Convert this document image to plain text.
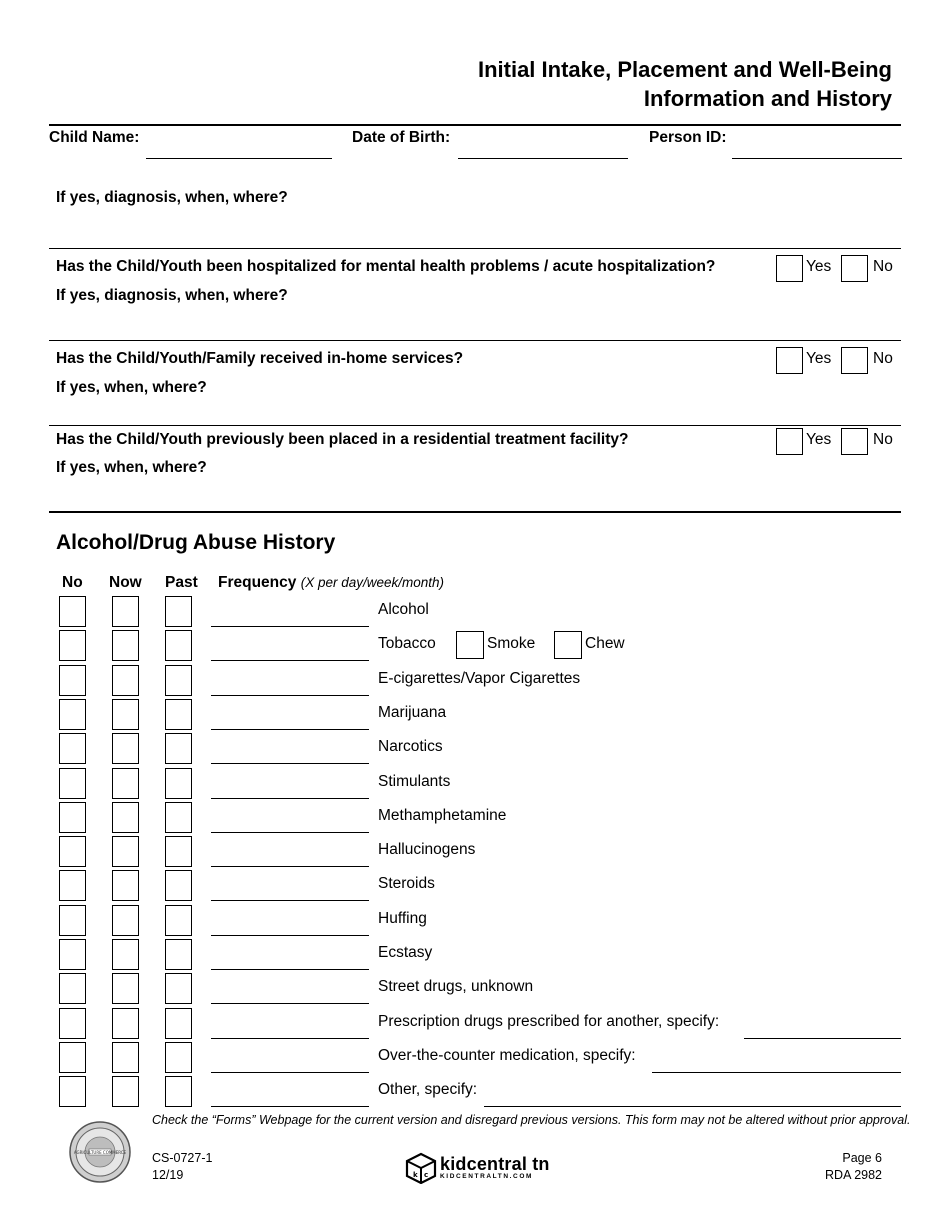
Initial Intake, Placement and Well-Being
Information and History
Child Name:	Date of Birth:	Person ID:
If yes, diagnosis, when, where?
Has the Child/Youth been hospitalized for mental health problems / acute hospitalization?	Yes	No
If yes, diagnosis, when, where?
Has the Child/Youth/Family received in-home services?	Yes	No
If yes, when, where?
Has the Child/Youth previously been placed in a residential treatment facility?	Yes	No
If yes, when, where?
Alcohol/Drug Abuse History
No Now Past Frequency (X per day/week/month)
Alcohol
Tobacco	Smoke	Chew
E-cigarettes/Vapor Cigarettes
Marijuana
Narcotics
Stimulants
Methamphetamine
Hallucinogens
Steroids
Huffing
Ecstasy
Street drugs, unknown
Prescription drugs prescribed for another, specify:
Over-the-counter medication, specify:
Other, specify:
AGRICULTURE COMMERCE
Check the “Forms” Webpage for the current version and disregard previous versions. This form may not be altered without prior approval.
CS-0727-1
12/19	k c
kidcentral tn
KIDCENTRALTN.COM
Page 6
RDA 2982
